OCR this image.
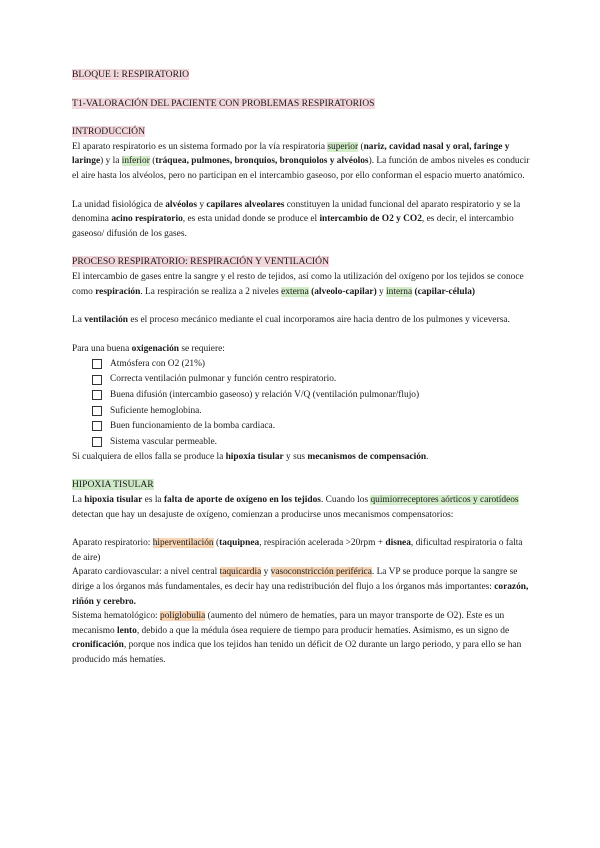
BLOQUE I: RESPIRATORIO

T1-VALORACIÓN DEL PACIENTE CON PROBLEMAS RESPIRATORIOS

INTRODUCCIÓN

El aparato respiratorio es un sistema formado por la vía respiratoria superior (nariz, cavidad nasal y oral, faringe y laringe) y la inferior (tráquea, pulmones, bronquios, bronquiolos y alvéolos). La función de ambos niveles es conducir el aire hasta los alvéolos, pero no participan en el intercambio gaseoso, por ello conforman el espacio muerto anatómico.

La unidad fisiológica de alvéolos y capilares alveolares constituyen la unidad funcional del aparato respiratorio y se la denomina acino respiratorio, es esta unidad donde se produce el intercambio de O2 y CO2, es decir, el intercambio gaseoso/ difusión de los gases.

PROCESO RESPIRATORIO: RESPIRACIÓN Y VENTILACIÓN

El intercambio de gases entre la sangre y el resto de tejidos, así como la utilización del oxígeno por los tejidos se conoce como respiración. La respiración se realiza a 2 niveles externa (alveolo-capilar) y interna (capilar-célula)

La ventilación es el proceso mecánico mediante el cual incorporamos aire hacia dentro de los pulmones y viceversa.

Para una buena oxigenación se requiere:

Atmósfera con O2 (21%)
Correcta ventilación pulmonar y función centro respiratorio.
Buena difusión (intercambio gaseoso) y relación V/Q (ventilación pulmonar/flujo)
Suficiente hemoglobina.
Buen funcionamiento de la bomba cardiaca.
Sistema vascular permeable.

Si cualquiera de ellos falla se produce la hipoxia tisular y sus mecanismos de compensación.

HIPOXIA TISULAR

La hipoxia tisular es la falta de aporte de oxígeno en los tejidos. Cuando los quimiorreceptores aórticos y carotídeos detectan que hay un desajuste de oxígeno, comienzan a producirse unos mecanismos compensatorios:

Aparato respiratorio: hiperventilación (taquipnea, respiración acelerada >20rpm + disnea, dificultad respiratoria o falta de aire)

Aparato cardiovascular: a nivel central taquicardia y vasoconstricción periférica. La VP se produce porque la sangre se dirige a los órganos más fundamentales, es decir hay una redistribución del flujo a los órganos más importantes: corazón, riñón y cerebro.

Sistema hematológico: poliglobulia (aumento del número de hematíes, para un mayor transporte de O2). Este es un mecanismo lento, debido a que la médula ósea requiere de tiempo para producir hematíes. Asimismo, es un signo de cronificación, porque nos indica que los tejidos han tenido un déficit de O2 durante un largo periodo, y para ello se han producido más hematíes.
